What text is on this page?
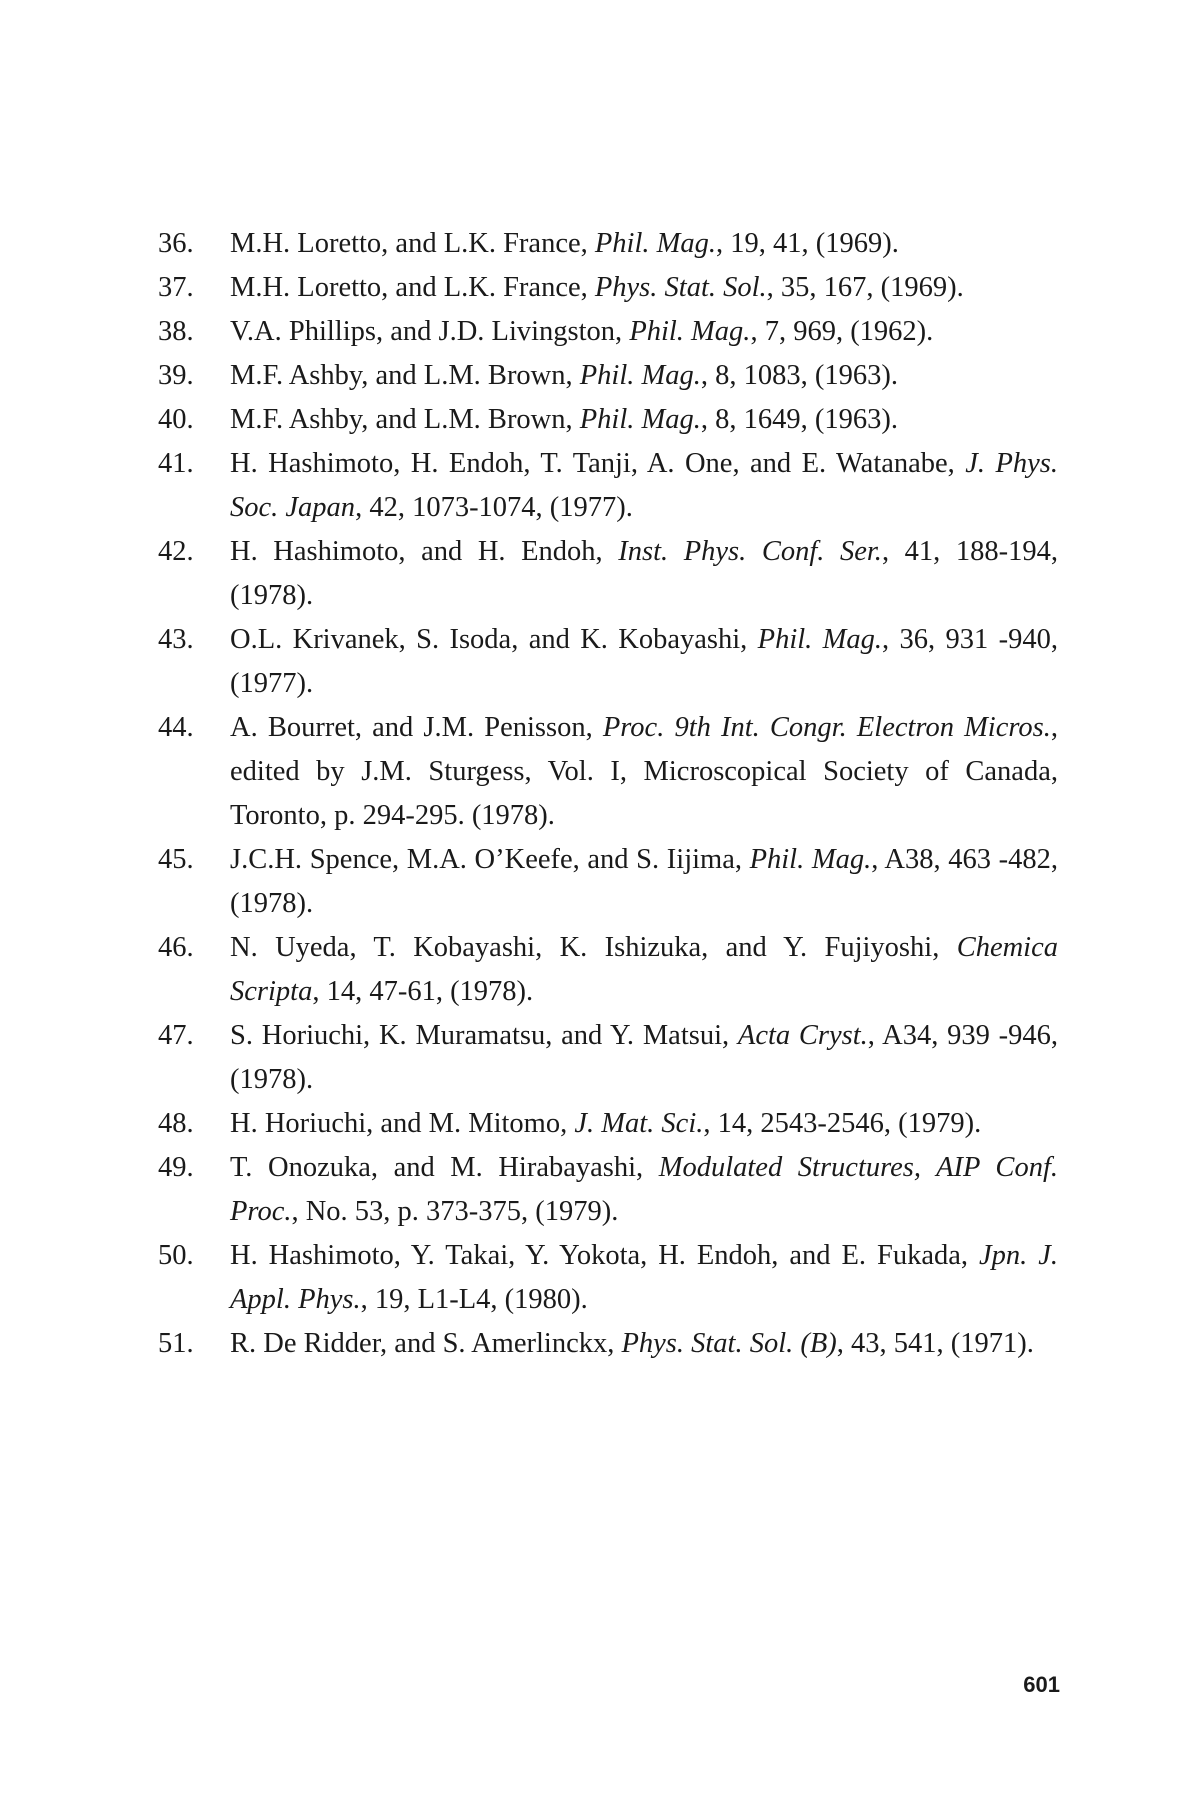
36.	M.H. Loretto, and L.K. France, Phil. Mag., 19, 41, (1969).
37.	M.H. Loretto, and L.K. France, Phys. Stat. Sol., 35, 167, (1969).
38.	V.A. Phillips, and J.D. Livingston, Phil. Mag., 7, 969, (1962).
39.	M.F. Ashby, and L.M. Brown, Phil. Mag., 8, 1083, (1963).
40.	M.F. Ashby, and L.M. Brown, Phil. Mag., 8, 1649, (1963).
41.	H. Hashimoto, H. Endoh, T. Tanji, A. One, and E. Watanabe, J. Phys. Soc. Japan, 42, 1073-1074, (1977).
42.	H. Hashimoto, and H. Endoh, Inst. Phys. Conf. Ser., 41, 188-194, (1978).
43.	O.L. Krivanek, S. Isoda, and K. Kobayashi, Phil. Mag., 36, 931 -940, (1977).
44.	A. Bourret, and J.M. Penisson, Proc. 9th Int. Congr. Electron Micros., edited by J.M. Sturgess, Vol. I, Microscopical Society of Canada, Toronto, p. 294-295. (1978).
45.	J.C.H. Spence, M.A. O’Keefe, and S. Iijima, Phil. Mag., A38, 463 -482, (1978).
46.	N. Uyeda, T. Kobayashi, K. Ishizuka, and Y. Fujiyoshi, Chemica Scripta, 14, 47-61, (1978).
47.	S. Horiuchi, K. Muramatsu, and Y. Matsui, Acta Cryst., A34, 939 -946, (1978).
48.	H. Horiuchi, and M. Mitomo, J. Mat. Sci., 14, 2543-2546, (1979).
49.	T. Onozuka, and M. Hirabayashi, Modulated Structures, AIP Conf. Proc., No. 53, p. 373-375, (1979).
50.	H. Hashimoto, Y. Takai, Y. Yokota, H. Endoh, and E. Fukada, Jpn. J. Appl. Phys., 19, L1-L4, (1980).
51.	R. De Ridder, and S. Amerlinckx, Phys. Stat. Sol. (B), 43, 541, (1971).
601
